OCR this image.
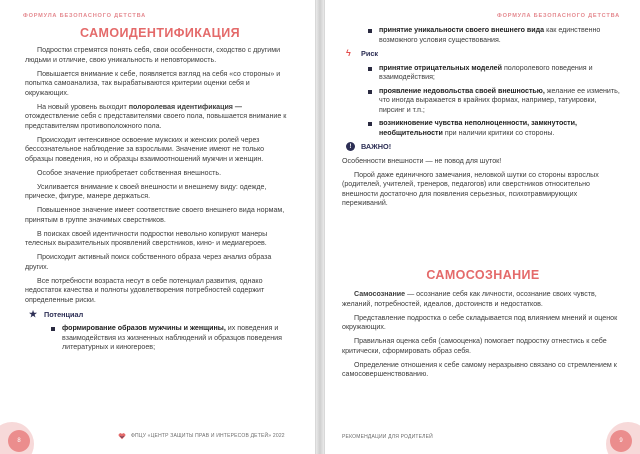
ФОРМУЛА БЕЗОПАСНОГО ДЕТСТВА
САМОИДЕНТИФИКАЦИЯ

Подростки стремятся понять себя, свои особенности, сходство с другими людьми и отличие, свою уникальность и неповторимость.

Повышается внимание к себе, появляется взгляд на себя «со стороны» и попытка самоанализа, так вырабатываются критерии оценки себя и окружающих.

На новый уровень выходит полоролевая идентификация — отождествление себя с представителями своего пола, повышается внимание к представителям противоположного пола.

Происходит интенсивное освоение мужских и женских ролей через бессознательное наблюдение за взрослыми. Значение имеют не только образцы поведения, но и образцы взаимоотношений мужчин и женщин.

Особое значение приобретает собственная внешность.

Усиливается внимание к своей внешности и внешнему виду: одежде, прическе, фигуре, манере держаться.

Повышенное значение имеет соответствие своего внешнего вида нормам, принятым в группе значимых сверстников.

В поисках своей идентичности подростки невольно копируют манеры телесных выразительных проявлений сверстников, кино- и медиагероев.

Происходит активный поиск собственного образа через анализ образа других.

Все потребности возраста несут в себе потенциал развития, однако недостаток качества и полноты удовлетворения потребностей содержит определенные риски.

★ Потенциал
формирование образов мужчины и женщины, их поведения и взаимодействия из жизненных наблюдений и образцов поведения литературных и киногероев;
ФПЦУ «ЦЕНТР ЗАЩИТЫ ПРАВ И ИНТЕРЕСОВ ДЕТЕЙ» 2022
8
ФОРМУЛА БЕЗОПАСНОГО ДЕТСТВА
принятие уникальности своего внешнего вида как единственно возможного условия существования.
ϟ	Риск
принятие отрицательных моделей полоролевого поведения и взаимодействия;
проявление недовольства своей внешностью, желание ее изменить, что иногда выражается в крайних формах, например, татуировки, пирсинг и т.п.;
возникновение чувства неполноценности, замкнутости, необщительности при наличии критики со стороны.
!	ВАЖНО!

Особенности внешности — не повод для шуток!

Порой даже единичного замечания, неловкой шутки со стороны взрослых (родителей, учителей, тренеров, педагогов) или сверстников относительно внешности достаточно для появления серьезных, психотравмирующих переживаний.

САМОСОЗНАНИЕ

Самосознание — осознание себя как личности, осознание своих чувств, желаний, потребностей, идеалов, достоинств и недостатков.

Представление подростка о себе складывается под влиянием мнений и оценок окружающих.

Правильная оценка себя (самооценка) помогает подростку отнестись к себе критически, сформировать образ себя.

Определение отношения к себе самому неразрывно связано со стремлением к самосовершенствованию.

РЕКОМЕНДАЦИИ ДЛЯ РОДИТЕЛЕЙ
9
